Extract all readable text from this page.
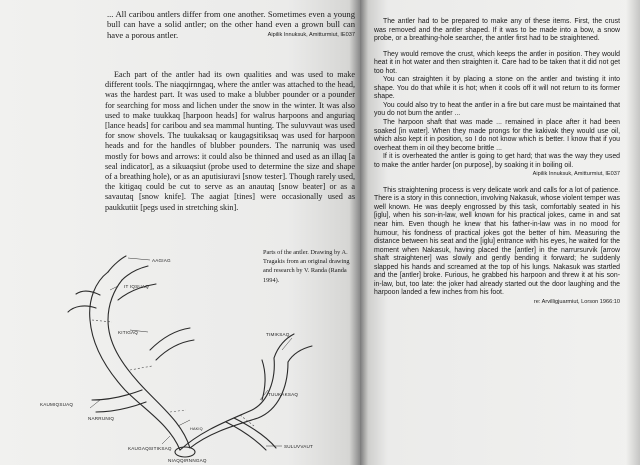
... All caribou antlers differ from one another. Sometimes even a young bull can have a solid antler; on the other hand even a grown bull can have a porous antler.	Aipilik Innuksuk, Amitturmiut, IE037

Each part of the antler had its own qualities and was used to make different tools. The niaqqirnngaq, where the antler was attached to the head, was the hardest part. It was used to make a blubber pounder or a pounder for searching for moss and lichen under the snow in the winter. It was also used to make tuukkaq [harpoon heads] for walrus harpoons and anguriaq [lance heads] for caribou and sea mammal hunting. The suluvvaut was used for snow shovels. The tuukaksaq or kaugagsitiksaq was used for harpoon heads and for the handles of blubber pounders. The narruniq was used mostly for bows and arrows: it could also be thinned and used as an illaq [a seal indicator], as a sikuaqsiut (probe used to determine the size and shape of a breathing hole), or as an aputisiuravi [snow tester]. Though rarely used, the kitigaq could be cut to serve as an anautaq [snow beater] or as a savautaq [snow knife]. The aagiat [tines] were occasionally used as paukkutiit [pegs used in stretching skin].

Parts of the antler. Drawing by A. Tragakis from an original drawing and research by V. Randa (Randa 1994).
AAGIAG
IT IQSUAQ
KITIGAQ	TIMIKSAQ
KAUMIQSUAQ
NARRUNIQ
TUUKAKSAQ
KAUGAQSITIKSAQ	SULUVVAUT
NIAQQIRNNGAQ
HAKIQ

The antler had to be prepared to make any of these items. First, the crust was removed and the antler shaped. If it was to be made into a bow, a snow probe, or a breathing-hole searcher, the antler first had to be straightened.

They would remove the crust, which keeps the antler in position. They would heat it in hot water and then straighten it. Care had to be taken that it did not get too hot.

You can straighten it by placing a stone on the antler and twisting it into shape. You do that while it is hot; when it cools off it will not return to its former shape.

You could also try to heat the antler in a fire but care must be maintained that you do not burn the antler ...

The harpoon shaft that was made ... remained in place after it had been soaked [in water]. When they made prongs for the kakivak they would use oil, which also kept it in position, so I do not know which is better. I know that if you overheat them in oil they become brittle ...

If it is overheated the antler is going to get hard; that was the way they used to make the antler harder [on purpose], by soaking it in boiling oil.

Aipilik Innuksuk, Amitturmiut, IE037

This straightening process is very delicate work and calls for a lot of patience. There is a story in this connection, involving Nakasuk, whose violent temper was well known. He was deeply engrossed by this task, comfortably seated in his [iglu], when his son-in-law, well known for his practical jokes, came in and sat near him. Even though he knew that his father-in-law was in no mood for humour, his fondness of practical jokes got the better of him. Measuring the distance between his seat and the [iglu] entrance with his eyes, he waited for the moment when Nakasuk, having placed the [antler] in the narrursurvik [arrow shaft straightener] was slowly and gently bending it forward; he suddenly slapped his hands and screamed at the top of his lungs. Nakasuk was startled and the [antler] broke. Furious, he grabbed his harpoon and threw it at his son-in-law, but, too late: the joker had already started out the door laughing and the harpoon landed a few inches from his foot.

re: Arvilligjuarmiut, Lorson 1966:10
